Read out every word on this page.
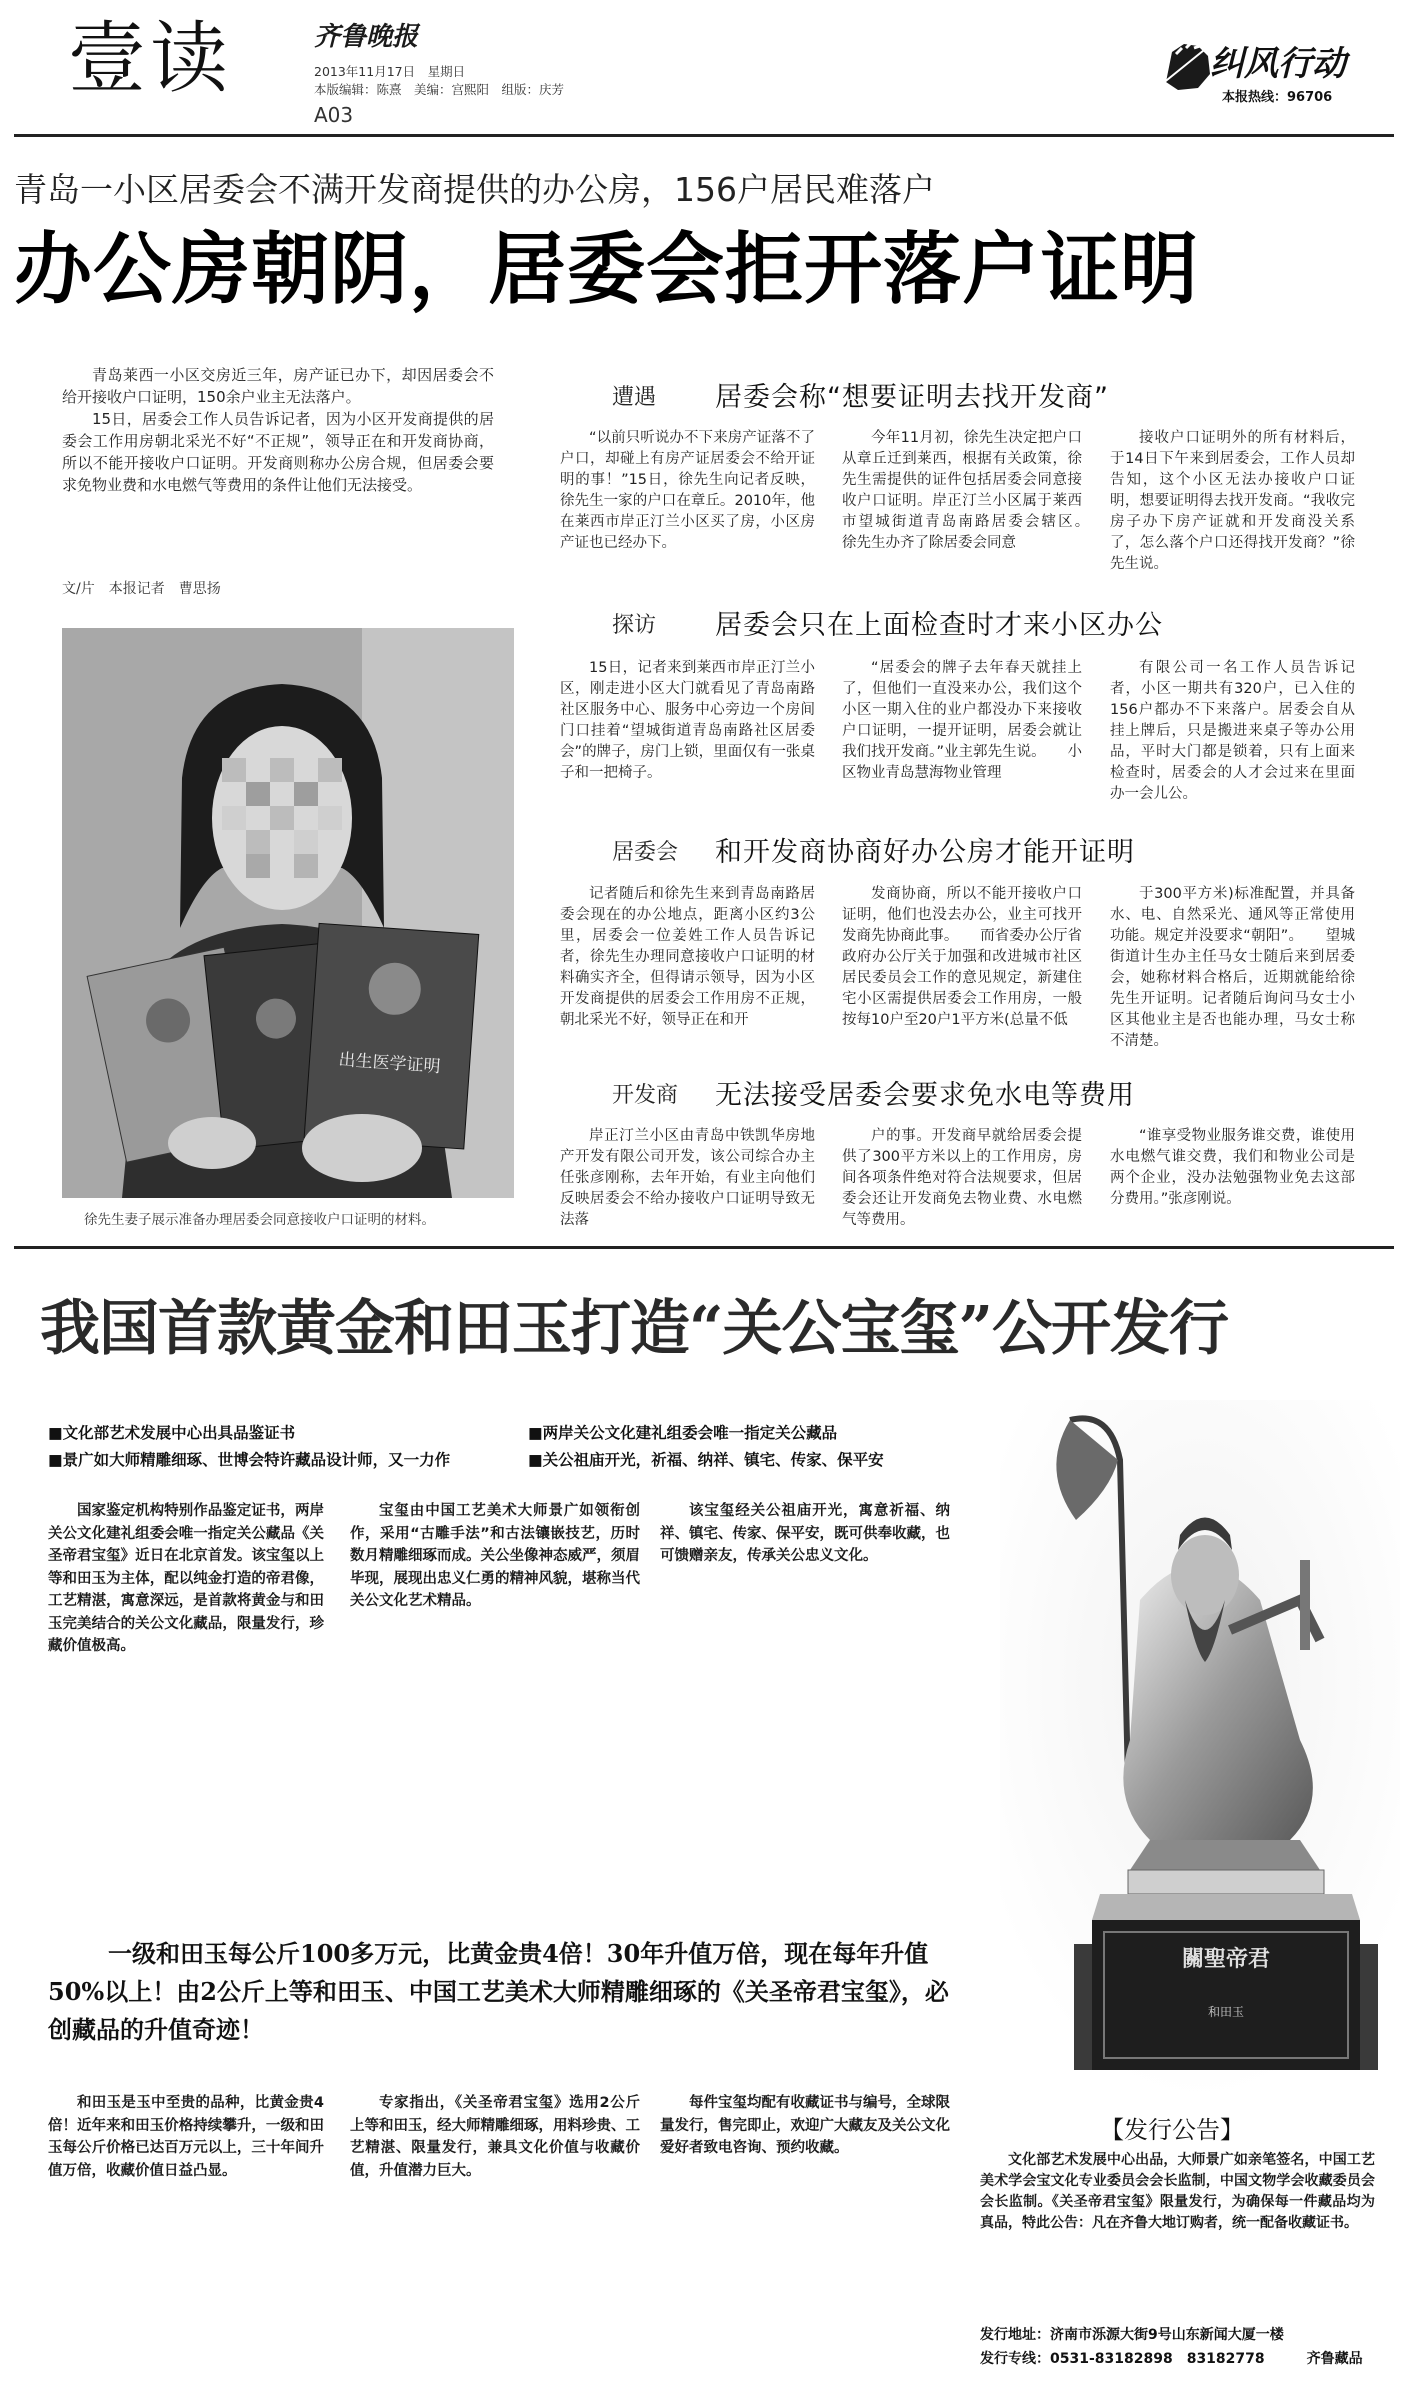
壹读	齐鲁晚报
2013年11月17日　星期日
本版编辑：陈熹　美编：宫熙阳　组版：庆芳
A03
纠风行动
本报热线：96706
青岛一小区居委会不满开发商提供的办公房，156户居民难落户
办公房朝阴，居委会拒开落户证明

青岛莱西一小区交房近三年，房产证已办下，却因居委会不给开接收户口证明，150余户业主无法落户。

15日，居委会工作人员告诉记者，因为小区开发商提供的居委会工作用房朝北采光不好“不正规”，领导正在和开发商协商，所以不能开接收户口证明。开发商则称办公房合规，但居委会要求免物业费和水电燃气等费用的条件让他们无法接受。

文/片　本报记者　曹思扬
出生医学证明
徐先生妻子展示准备办理居委会同意接收户口证明的材料。
遭遇 居委会称“想要证明去找开发商”

“以前只听说办不下来房产证落不了户口，却碰上有房产证居委会不给开证明的事！”15日，徐先生向记者反映，徐先生一家的户口在章丘。2010年，他在莱西市岸正汀兰小区买了房，小区房产证也已经办下。

今年11月初，徐先生决定把户口从章丘迁到莱西，根据有关政策，徐先生需提供的证件包括居委会同意接收户口证明。岸正汀兰小区属于莱西市望城街道青岛南路居委会辖区。　　徐先生办齐了除居委会同意

接收户口证明外的所有材料后，于14日下午来到居委会，工作人员却告知，这个小区无法办接收户口证明，想要证明得去找开发商。“我收完房子办下房产证就和开发商没关系了，怎么落个户口还得找开发商？”徐先生说。

探访 居委会只在上面检查时才来小区办公

15日，记者来到莱西市岸正汀兰小区，刚走进小区大门就看见了青岛南路社区服务中心、服务中心旁边一个房间门口挂着“望城街道青岛南路社区居委会”的牌子，房门上锁，里面仅有一张桌子和一把椅子。

“居委会的牌子去年春天就挂上了，但他们一直没来办公，我们这个小区一期入住的业户都没办下来接收户口证明，一提开证明，居委会就让我们找开发商。”业主郭先生说。　　小区物业青岛慧海物业管理

有限公司一名工作人员告诉记者，小区一期共有320户，已入住的156户都办不下来落户。居委会自从挂上牌后，只是搬进来桌子等办公用品，平时大门都是锁着，只有上面来检查时，居委会的人才会过来在里面办一会儿公。

居委会 和开发商协商好办公房才能开证明

记者随后和徐先生来到青岛南路居委会现在的办公地点，距离小区约3公里，居委会一位姜姓工作人员告诉记者，徐先生办理同意接收户口证明的材料确实齐全，但得请示领导，因为小区开发商提供的居委会工作用房不正规，朝北采光不好，领导正在和开

发商协商，所以不能开接收户口证明，他们也没去办公，业主可找开发商先协商此事。　　而省委办公厅省政府办公厅关于加强和改进城市社区居民委员会工作的意见规定，新建住宅小区需提供居委会工作用房，一般按每10户至20户1平方米(总量不低

于300平方米)标准配置，并具备水、电、自然采光、通风等正常使用功能。规定并没要求“朝阳”。　　望城街道计生办主任马女士随后来到居委会，她称材料合格后，近期就能给徐先生开证明。记者随后询问马女士小区其他业主是否也能办理，马女士称不清楚。

开发商 无法接受居委会要求免水电等费用

岸正汀兰小区由青岛中铁凯华房地产开发有限公司开发，该公司综合办主任张彦刚称，去年开始，有业主向他们反映居委会不给办接收户口证明导致无法落

户的事。开发商早就给居委会提供了300平方米以上的工作用房，房间各项条件绝对符合法规要求，但居委会还让开发商免去物业费、水电燃气等费用。

“谁享受物业服务谁交费，谁使用水电燃气谁交费，我们和物业公司是两个企业，没办法勉强物业免去这部分费用。”张彦刚说。

我国首款黄金和田玉打造“关公宝玺”公开发行
■文化部艺术发展中心出具品鉴证书	■两岸关公文化建礼组委会唯一指定关公藏品
■景广如大师精雕细琢、世博会特许藏品设计师，又一力作	■关公祖庙开光，祈福、纳祥、镇宅、传家、保平安

国家鉴定机构特别作品鉴定证书，两岸关公文化建礼组委会唯一指定关公藏品《关圣帝君宝玺》近日在北京首发。该宝玺以上等和田玉为主体，配以纯金打造的帝君像，工艺精湛，寓意深远，是首款将黄金与和田玉完美结合的关公文化藏品，限量发行，珍藏价值极高。

宝玺由中国工艺美术大师景广如领衔创作，采用“古雕手法”和古法镶嵌技艺，历时数月精雕细琢而成。关公坐像神态威严，须眉毕现，展现出忠义仁勇的精神风貌，堪称当代关公文化艺术精品。

该宝玺经关公祖庙开光，寓意祈福、纳祥、镇宅、传家、保平安，既可供奉收藏，也可馈赠亲友，传承关公忠义文化。

一级和田玉每公斤100多万元，比黄金贵4倍！30年升值万倍，现在每年升值50%以上！由2公斤上等和田玉、中国工艺美术大师精雕细琢的《关圣帝君宝玺》，必创藏品的升值奇迹！

和田玉是玉中至贵的品种，比黄金贵4倍！近年来和田玉价格持续攀升，一级和田玉每公斤价格已达百万元以上，三十年间升值万倍，收藏价值日益凸显。

专家指出，《关圣帝君宝玺》选用2公斤上等和田玉，经大师精雕细琢，用料珍贵、工艺精湛、限量发行，兼具文化价值与收藏价值，升值潜力巨大。

每件宝玺均配有收藏证书与编号，全球限量发行，售完即止，欢迎广大藏友及关公文化爱好者致电咨询、预约收藏。

關聖帝君
和田玉
【发行公告】

文化部艺术发展中心出品，大师景广如亲笔签名，中国工艺美术学会宝文化专业委员会会长监制，中国文物学会收藏委员会会长监制。《关圣帝君宝玺》限量发行，为确保每一件藏品均为真品，特此公告：凡在齐鲁大地订购者，统一配备收藏证书。

发行地址：济南市泺源大街9号山东新闻大厦一楼
发行专线：0531-83182898　83182778　　　齐鲁藏品
